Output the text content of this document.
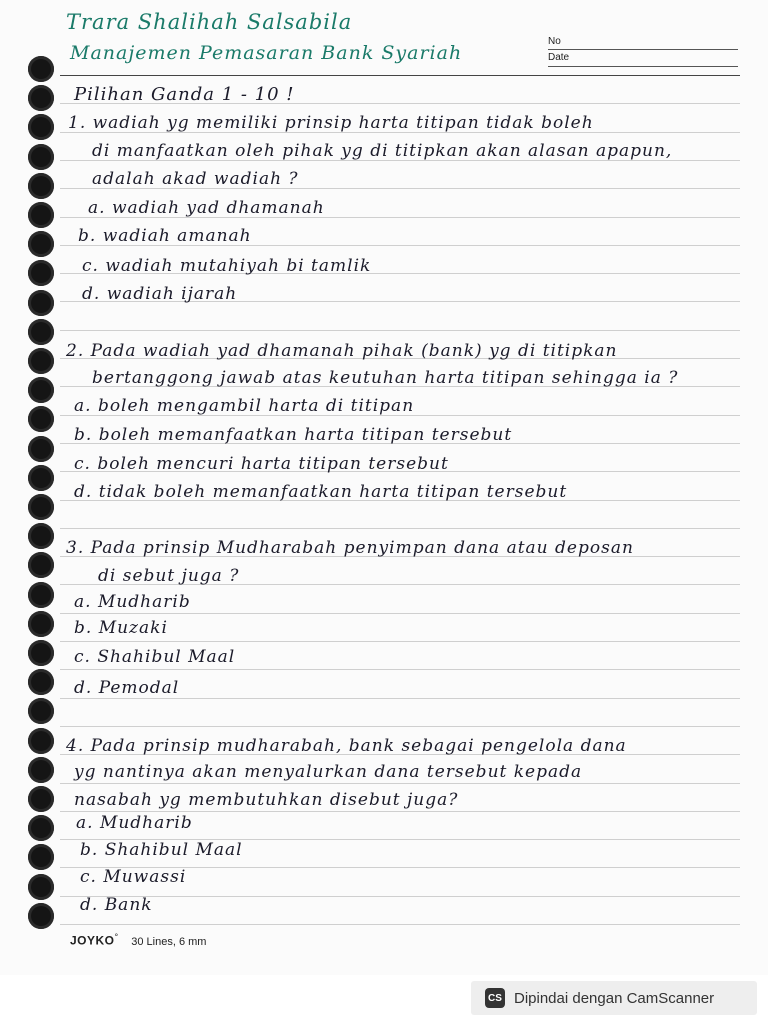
Trara Shalihah Salsabila
Manajemen Pemasaran Bank Syariah
No
Date
Pilihan Ganda 1 - 10 !
1. wadiah yg memiliki prinsip harta titipan tidak boleh
di manfaatkan oleh pihak yg di titipkan akan alasan apapun,
adalah akad wadiah ?
a. wadiah yad dhamanah
b. wadiah amanah
c. wadiah mutahiyah bi tamlik
d. wadiah ijarah
2. Pada wadiah yad dhamanah pihak (bank) yg di titipkan
bertanggong jawab atas keutuhan harta titipan sehingga ia ?
a. boleh mengambil harta di titipan
b. boleh memanfaatkan harta titipan tersebut
c. boleh mencuri harta titipan tersebut
d. tidak boleh memanfaatkan harta titipan tersebut
3. Pada prinsip Mudharabah penyimpan dana atau deposan
di sebut juga ?
a. Mudharib
b. Muzaki
c. Shahibul Maal
d. Pemodal
4. Pada prinsip mudharabah, bank sebagai pengelola dana
yg nantinya akan menyalurkan dana tersebut kepada
nasabah yg membutuhkan disebut juga?
a. Mudharib
b. Shahibul Maal
c. Muwassi
d. Bank
JOYKO° 30 Lines, 6 mm
CS Dipindai dengan CamScanner
